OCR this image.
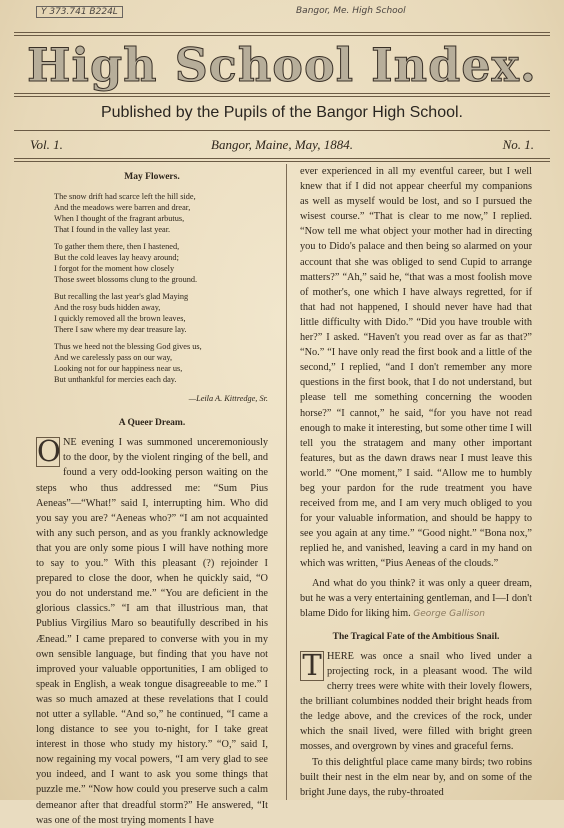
Y 373.741 B224L	Bangor, Me. High School
High School Index.
Published by the Pupils of the Bangor High School.
Vol. 1.	Bangor, Maine, May, 1884.	No. 1.
May Flowers.
The snow drift had scarce left the hill side,
And the meadows were barren and drear,
When I thought of the fragrant arbutus,
That I found in the valley last year.
To gather them there, then I hastened,
But the cold leaves lay heavy around;
I forgot for the moment how closely
Those sweet blossoms clung to the ground.
But recalling the last year's glad Maying
And the rosy buds hidden away,
I quickly removed all the brown leaves,
There I saw where my dear treasure lay.
Thus we heed not the blessing God gives us,
And we carelessly pass on our way,
Looking not for our happiness near us,
But unthankful for mercies each day.
—Leila A. Kittredge, Sr.
A Queer Dream.

O NE evening I was summoned unceremoniously to the door, by the violent ringing of the bell, and found a very odd-looking person waiting on the steps who thus addressed me: “Sum Pius Aeneas”—“What!” said I, interrupting him. Who did you say you are? “Aeneas who?” “I am not acquainted with any such person, and as you frankly acknowledge that you are only some pious I will have nothing more to say to you.” With this pleasant (?) rejoinder I prepared to close the door, when he quickly said, “O you do not understand me.” “You are deficient in the glorious classics.” “I am that illustrious man, that Publius Virgilius Maro so beautifully described in his Ænead.” I came prepared to converse with you in my own sensible language, but finding that you have not improved your valuable opportunities, I am obliged to speak in English, a weak tongue disagreeable to me.” I was so much amazed at these revelations that I could not utter a syllable. “And so,” he continued, “I came a long distance to see you to-night, for I take great interest in those who study my history.” “O,” said I, now regaining my vocal powers, “I am very glad to see you indeed, and I want to ask you some things that puzzle me.” “Now how could you preserve such a calm demeanor after that dreadful storm?” He answered, “It was one of the most trying moments I have

ever experienced in all my eventful career, but I well knew that if I did not appear cheerful my companions as well as myself would be lost, and so I pursued the wisest course.” “That is clear to me now,” I replied. “Now tell me what object your mother had in directing you to Dido's palace and then being so alarmed on your account that she was obliged to send Cupid to arrange matters?” “Ah,” said he, “that was a most foolish move of mother's, one which I have always regretted, for if that had not happened, I should never have had that little difficulty with Dido.” “Did you have trouble with her?” I asked. “Haven't you read over as far as that?” “No.” “I have only read the first book and a little of the second,” I replied, “and I don't remember any more questions in the first book, that I do not understand, but please tell me something concerning the wooden horse?” “I cannot,” he said, “for you have not read enough to make it interesting, but some other time I will tell you the stratagem and many other important features, but as the dawn draws near I must leave this world.” “One moment,” I said. “Allow me to humbly beg your pardon for the rude treatment you have received from me, and I am very much obliged to you for your valuable information, and should be happy to see you again at any time.” “Good night.” “Bona nox,” replied he, and vanished, leaving a card in my hand on which was written, “Pius Aeneas of the clouds.”

And what do you think? it was only a queer dream, but he was a very entertaining gentleman, and I—I don't blame Dido for liking him. George Gallison

The Tragical Fate of the Ambitious Snail.

T HERE was once a snail who lived under a projecting rock, in a pleasant wood. The wild cherry trees were white with their lovely flowers, the brilliant columbines nodded their bright heads from the ledge above, and the crevices of the rock, under which the snail lived, were filled with bright green mosses, and overgrown by vines and graceful ferns.

To this delightful place came many birds; two robins built their nest in the elm near by, and on some of the bright June days, the ruby-throated
